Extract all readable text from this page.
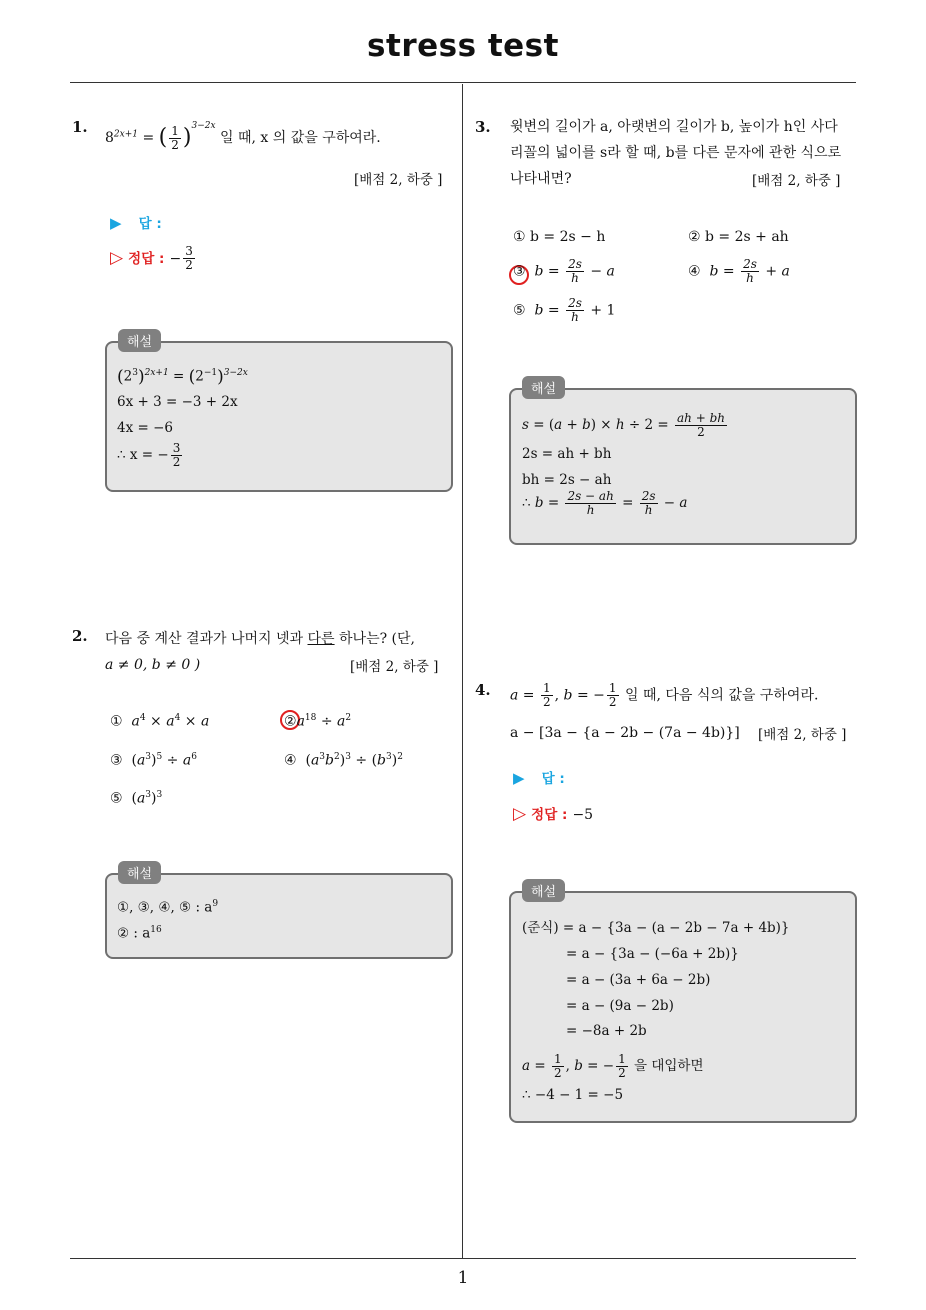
stress test
1.
$8^{2x+1}$ = ( $\frac{1}{2} )^{3-2x}$ 일 때, x 의 값을 구하여라.
[배점 2, 하중 ]
▶ 답 :
▷ 정답 : − $\frac{3}{2}$
해설
$(2^3)^{2x+1} = (2^{-1})^{3-2x}$
6x + 3 = −3 + 2x
4x = −6
∴ x = − $\frac{3}{2}$
2. 다음 중 계산 결과가 나머지 넷과 다른 하나는? (단,
a ≠ 0, b ≠ 0 )	[배점 2, 하중 ]
① $a^4 \times a^4 \times a$	$②a^{18} \div a^2$
③  $(a^3)^5 \div a^6$	④  $(a^3b^2)^3 \div (b^3)^2$
⑤  $(a^3)^3$
해설
①, ③, ④, ⑤ : $a^9$
② : $a^{16}$
3. 윗변의 길이가 a, 아랫변의 길이가 b, 높이가 h인 사다
리꼴의 넓이를 s라 할 때, b를 다른 문자에 관한 식으로
나타내면?	[배점 2, 하중 ]
① b = 2s − h	② b = 2s + ah
③ $b = \frac{2s}{h} - a$	④ $b = \frac{2s}{h} + a$
⑤ $b = \frac{2s}{h} + 1$
해설
$s = (a + b) \times h \div 2 = \frac{ah + bh}{2}$
2s = ah + bh
bh = 2s − ah
∴ $b = \frac{2s - ah}{h} = \frac{2s}{h} - a$
4. $a = \frac{1}{2}$ , b = − $\frac{1}{2}$ 일 때, 다음 식의 값을 구하여라.
a − [3a − {a − 2b − (7a − 4b)}] [배점 2, 하중 ]
▶ 답 :
▷ 정답 : −5
해설
(준식) = a − {3a − (a − 2b − 7a + 4b)}
= a − {3a − (−6a + 2b)}
= a − (3a + 6a − 2b)
= a − (9a − 2b)
= −8a + 2b
$a = \frac{1}{2}$ , b = − $\frac{1}{2}$ 을 대입하면
∴ −4 − 1 = −5
1
